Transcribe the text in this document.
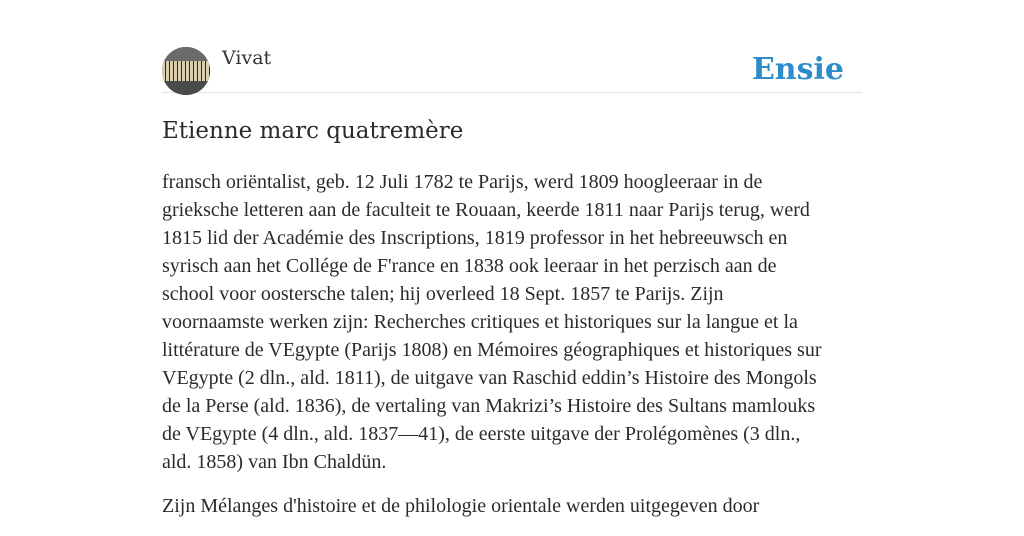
Vivat	Ensie
Etienne marc quatremère

fransch oriëntalist, geb. 12 Juli 1782 te Parijs, werd 1809 hoogleeraar in de
grieksche letteren aan de faculteit te Rouaan, keerde 1811 naar Parijs terug, werd
1815 lid der Académie des Inscriptions, 1819 professor in het hebreeuwsch en
syrisch aan het Collége de F'rance en 1838 ook leeraar in het perzisch aan de
school voor oostersche talen; hij overleed 18 Sept. 1857 te Parijs. Zijn
voornaamste werken zijn: Recherches critiques et historiques sur la langue et la
littérature de VEgypte (Parijs 1808) en Mémoires géographiques et historiques sur
VEgypte (2 dln., ald. 1811), de uitgave van Raschid eddin’s Histoire des Mongols
de la Perse (ald. 1836), de vertaling van Makrizi’s Histoire des Sultans mamlouks
de VEgypte (4 dln., ald. 1837—41), de eerste uitgave der Prolégomènes (3 dln.,
ald. 1858) van Ibn Chaldün.

Zijn Mélanges d'histoire et de philologie orientale werden uitgegeven door
